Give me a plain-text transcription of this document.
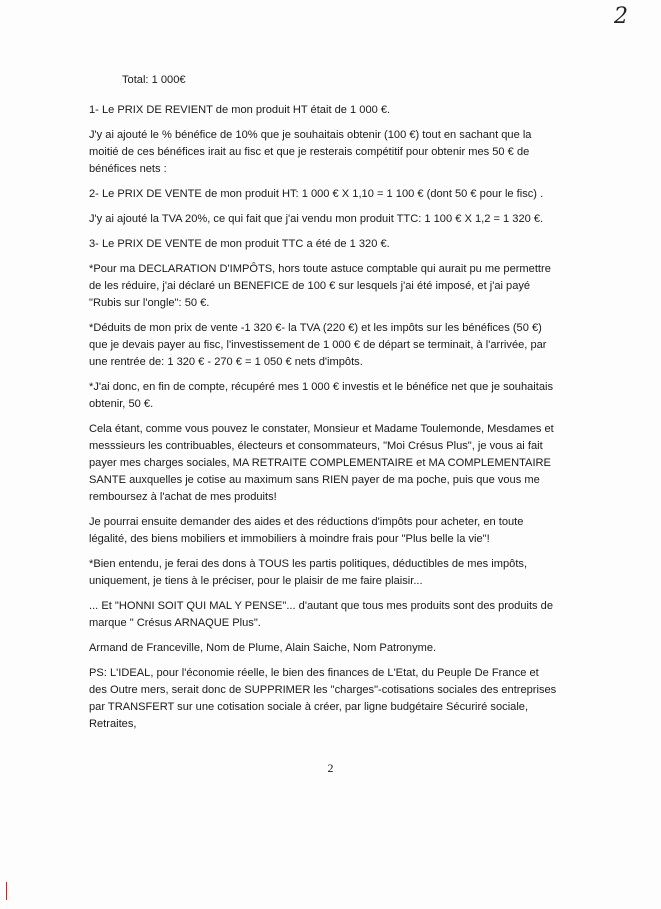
2

Total: 1 000€

1- Le PRIX DE REVIENT de mon produit HT était de 1 000 €.

J'y ai ajouté le % bénéfice de 10% que je souhaitais obtenir (100 €) tout en sachant que la moitié de ces bénéfices irait au fisc et que je resterais compétitif pour obtenir mes 50 € de bénéfices nets :

2- Le PRIX DE VENTE de mon produit HT: 1 000 € X 1,10 = 1 100 € (dont 50 € pour le fisc) .

J'y ai ajouté la TVA 20%, ce qui fait que j'ai vendu mon produit TTC: 1 100 € X 1,2 = 1 320 €.

3- Le PRIX DE VENTE de mon produit TTC a été de 1 320 €.

*Pour ma DECLARATION D'IMPÔTS, hors toute astuce comptable qui aurait pu me permettre de les réduire, j'ai déclaré un BENEFICE de 100 € sur lesquels j'ai été imposé, et j'ai payé "Rubis sur l'ongle": 50 €.

*Déduits de mon prix de vente -1 320 €- la TVA (220 €) et les impôts sur les bénéfices (50 €) que je devais payer au fisc, l'investissement de 1 000 € de départ se terminait, à l'arrivée, par une rentrée de: 1 320 € - 270 € = 1 050 € nets d'impôts.

*J'ai donc, en fin de compte, récupéré mes 1 000 € investis et le bénéfice net que je souhaitais obtenir, 50 €.

Cela étant, comme vous pouvez le constater, Monsieur et Madame Toulemonde, Mesdames et messsieurs les contribuables, électeurs et consommateurs, "Moi Crésus Plus", je vous ai fait payer mes charges sociales, MA RETRAITE COMPLEMENTAIRE et MA COMPLEMENTAIRE SANTE auxquelles je cotise au maximum sans RIEN payer de ma poche, puis que vous me remboursez à l'achat de mes produits!

Je pourrai ensuite demander des aides et des réductions d'impôts pour acheter, en toute légalité, des biens mobiliers et immobiliers à moindre frais pour "Plus belle la vie"!

*Bien entendu, je ferai des dons à TOUS les partis politiques, déductibles de mes impôts, uniquement, je tiens à le préciser, pour le plaisir de me faire plaisir...

... Et "HONNI SOIT QUI MAL Y PENSE"... d'autant que tous mes produits sont des produits de marque " Crésus ARNAQUE Plus".

Armand de Franceville, Nom de Plume, Alain Saiche, Nom Patronyme.

PS: L'IDEAL, pour l'économie réelle, le bien des finances de L'Etat, du Peuple De France et des Outre mers, serait donc de SUPPRIMER les "charges"-cotisations sociales des entreprises par TRANSFERT sur une cotisation sociale à créer, par ligne budgétaire Sécuriré sociale, Retraites,

2
